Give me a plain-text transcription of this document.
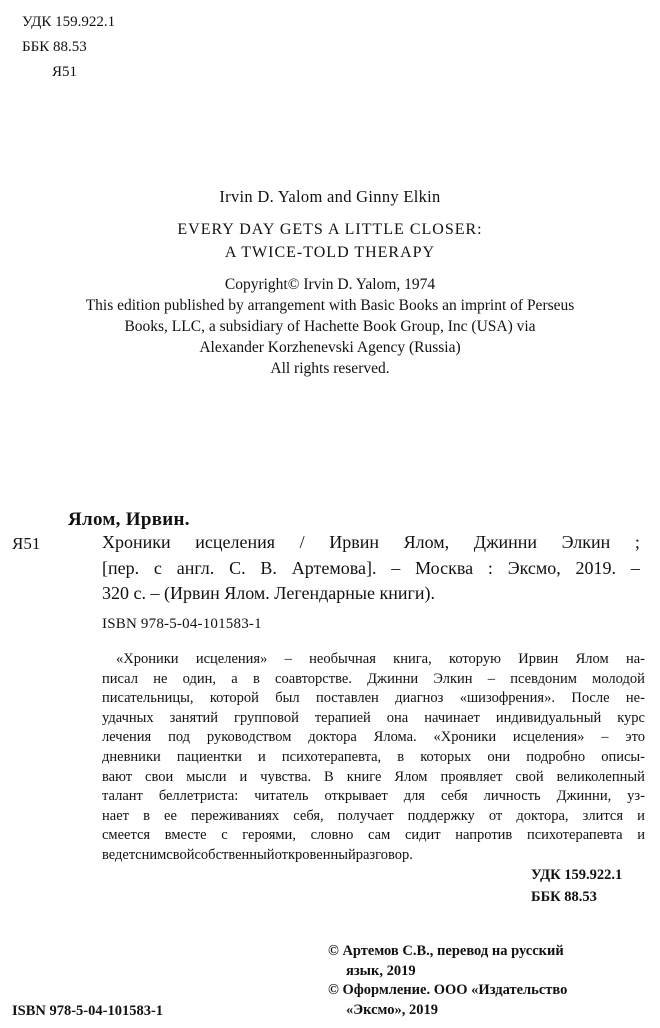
УДК 159.922.1
ББК 88.53
Я51
Irvin D. Yalom and Ginny Elkin
EVERY DAY GETS A LITTLE CLOSER:
A TWICE-TOLD THERAPY
Copyright© Irvin D. Yalom, 1974
This edition published by arrangement with Basic Books an imprint of Perseus
Books, LLC, a subsidiary of Hachette Book Group, Inc (USA) via
Alexander Korzhenevski Agency (Russia)
All rights reserved.
Ялом, Ирвин.
Я51	Хроники исцеления / Ирвин Ялом, Джинни Элкин ;
[пер. с англ. С. В. Артемова]. – Москва : Эксмо, 2019. –
320 с. – (Ирвин Ялом. Легендарные книги).
ISBN 978-5-04-101583-1
«Хроники исцеления» – необычная книга, которую Ирвин Ялом на-
писал не один, а в соавторстве. Джинни Элкин – псевдоним молодой
писательницы, которой был поставлен диагноз «шизофрения». После не-
удачных занятий групповой терапией она начинает индивидуальный курс
лечения под руководством доктора Ялома. «Хроники исцеления» – это
дневники пациентки и психотерапевта, в которых они подробно описы-
вают свои мысли и чувства. В книге Ялом проявляет свой великолепный
талант беллетриста: читатель открывает для себя личность Джинни, уз-
нает в ее переживаниях себя, получает поддержку от доктора, злится и
смеется вместе с героями, словно сам сидит напротив психотерапевта и
ведет с ним свой собственный откровенный разговор.
УДК 159.922.1
ББК 88.53
© Артемов С.В., перевод на русский
язык, 2019
© Оформление. ООО «Издательство
«Эксмо», 2019
ISBN 978-5-04-101583-1
